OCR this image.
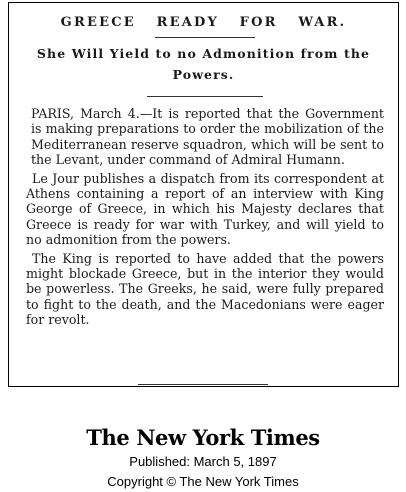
GREECE READY FOR WAR.
She Will Yield to no Admonition from the Powers.

PARIS, March 4.—It is reported that the Government is making preparations to order the mobilization of the Mediterranean reserve squadron, which will be sent to the Levant, under command of Admiral Humann.

Le Jour publishes a dispatch from its correspondent at Athens containing a report of an interview with King George of Greece, in which his Majesty declares that Greece is ready for war with Turkey, and will yield to no admonition from the powers.

The King is reported to have added that the powers might blockade Greece, but in the interior they would be powerless. The Greeks, he said, were fully prepared to fight to the death, and the Macedonians were eager for revolt.

The New York Times
Published: March 5, 1897
Copyright © The New York Times
